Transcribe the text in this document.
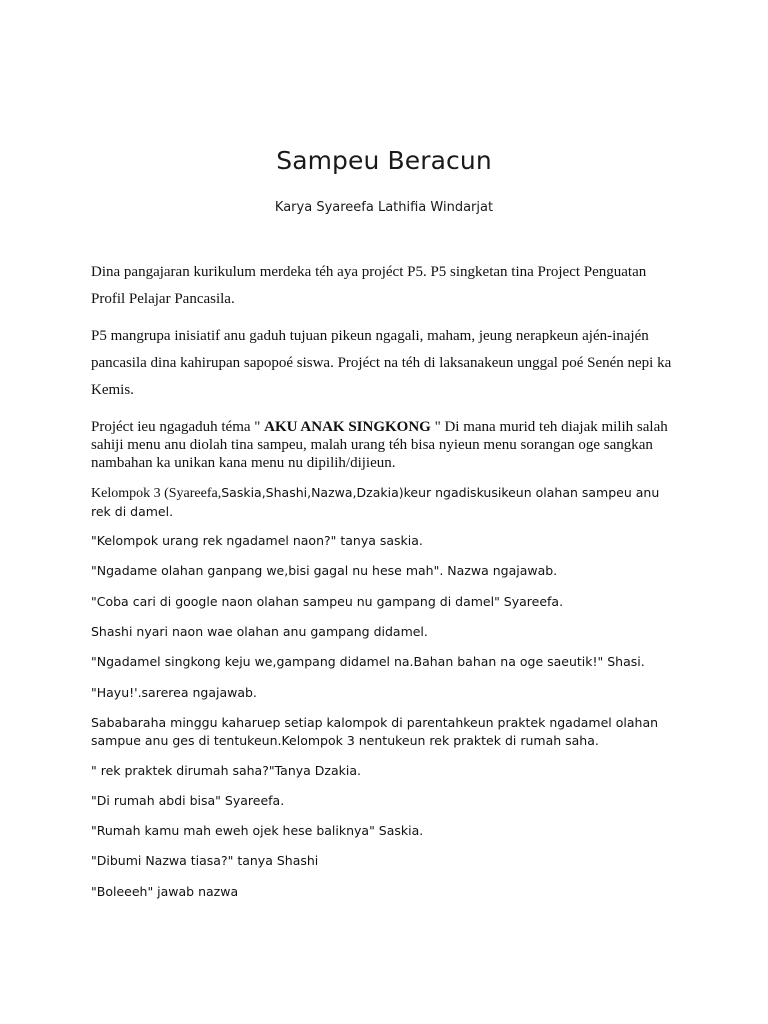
Sampeu Beracun

Karya Syareefa Lathifia Windarjat

Dina pangajaran kurikulum merdeka téh aya projéct P5. P5 singketan tina Project Penguatan Profil Pelajar Pancasila.

P5 mangrupa inisiatif anu gaduh tujuan pikeun ngagali, maham, jeung nerapkeun ajén-inajén pancasila dina kahirupan sapopoé siswa. Projéct na téh di laksanakeun unggal poé Senén nepi ka Kemis.

Projéct ieu ngagaduh téma " AKU ANAK SINGKONG " Di mana murid teh diajak milih salah sahiji menu anu diolah tina sampeu, malah urang téh bisa nyieun menu sorangan oge sangkan nambahan ka unikan kana menu nu dipilih/dijieun.

Kelompok 3 (Syareefa,Saskia,Shashi,Nazwa,Dzakia)keur ngadiskusikeun olahan sampeu anu rek di damel.

"Kelompok urang rek ngadamel naon?" tanya saskia.

"Ngadame olahan ganpang we,bisi gagal nu hese mah". Nazwa ngajawab.

"Coba cari di google naon olahan sampeu nu gampang di damel" Syareefa.

Shashi nyari naon wae olahan anu gampang didamel.

"Ngadamel singkong keju we,gampang didamel na.Bahan bahan na oge saeutik!" Shasi.

"Hayu!'.sarerea ngajawab.

Sababaraha minggu kaharuep setiap kalompok di parentahkeun praktek ngadamel olahan sampue anu ges di tentukeun.Kelompok 3 nentukeun rek praktek di rumah saha.

" rek praktek dirumah saha?"Tanya Dzakia.

"Di rumah abdi bisa" Syareefa.

"Rumah kamu mah eweh ojek hese baliknya" Saskia.

"Dibumi Nazwa tiasa?" tanya Shashi

"Boleeeh" jawab nazwa
